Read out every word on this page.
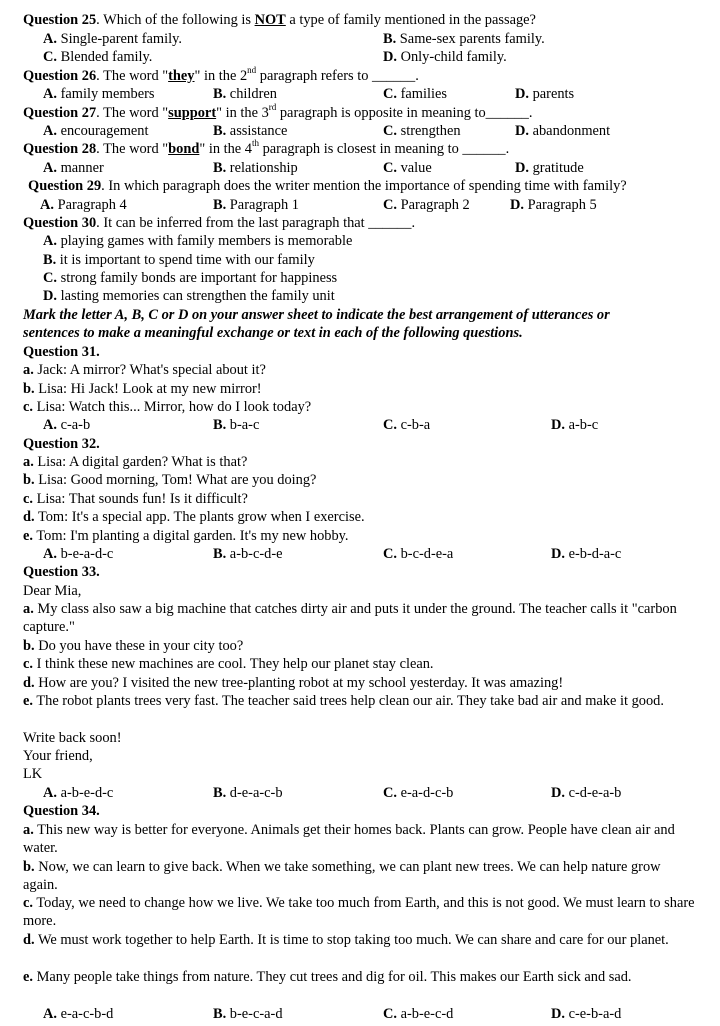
Question 25. Which of the following is NOT a type of family mentioned in the passage?
A. Single-parent family.	B. Same-sex parents family.
C. Blended family.	D. Only-child family.
Question 26. The word "they" in the 2nd paragraph refers to ______.
A. family members	B. children	C. families	D. parents
Question 27. The word "support" in the 3rd paragraph is opposite in meaning to______.
A. encouragement	B. assistance	C. strengthen	D. abandonment
Question 28. The word "bond" in the 4th paragraph is closest in meaning to ______.
A. manner	B. relationship	C. value	D. gratitude
Question 29. In which paragraph does the writer mention the importance of spending time with family?
A. Paragraph 4	B. Paragraph 1	C. Paragraph 2	D. Paragraph 5
Question 30. It can be inferred from the last paragraph that ______.
A. playing games with family members is memorable
B. it is important to spend time with our family
C. strong family bonds are important for happiness
D. lasting memories can strengthen the family unit
Mark the letter A, B, C or D on your answer sheet to indicate the best arrangement of utterances or
sentences to make a meaningful exchange or text in each of the following questions.
Question 31.
a. Jack: A mirror? What's special about it?
b. Lisa: Hi Jack! Look at my new mirror!
c. Lisa: Watch this... Mirror, how do I look today?
A. c-a-b	B. b-a-c	C. c-b-a	D. a-b-c
Question 32.
a. Lisa: A digital garden? What is that?
b. Lisa: Good morning, Tom! What are you doing?
c. Lisa: That sounds fun! Is it difficult?
d. Tom: It's a special app. The plants grow when I exercise.
e. Tom: I'm planting a digital garden. It's my new hobby.
A. b-e-a-d-c	B. a-b-c-d-e	C. b-c-d-e-a	D. e-b-d-a-c
Question 33.
Dear Mia,
a. My class also saw a big machine that catches dirty air and puts it under the ground. The teacher calls it "carbon capture."
b. Do you have these in your city too?
c. I think these new machines are cool. They help our planet stay clean.
d. How are you? I visited the new tree-planting robot at my school yesterday. It was amazing!
e. The robot plants trees very fast. The teacher said trees help clean our air. They take bad air and make it good.
Write back soon!
Your friend,
LK
A. a-b-e-d-c	B. d-e-a-c-b	C. e-a-d-c-b	D. c-d-e-a-b
Question 34.
a. This new way is better for everyone. Animals get their homes back. Plants can grow. People have clean air and water.
b. Now, we can learn to give back. When we take something, we can plant new trees. We can help nature grow again.
c. Today, we need to change how we live. We take too much from Earth, and this is not good. We must learn to share more.
d. We must work together to help Earth. It is time to stop taking too much. We can share and care for our planet.
e. Many people take things from nature. They cut trees and dig for oil. This makes our Earth sick and sad.
A. e-a-c-b-d	B. b-e-c-a-d	C. a-b-e-c-d	D. c-e-b-a-d
